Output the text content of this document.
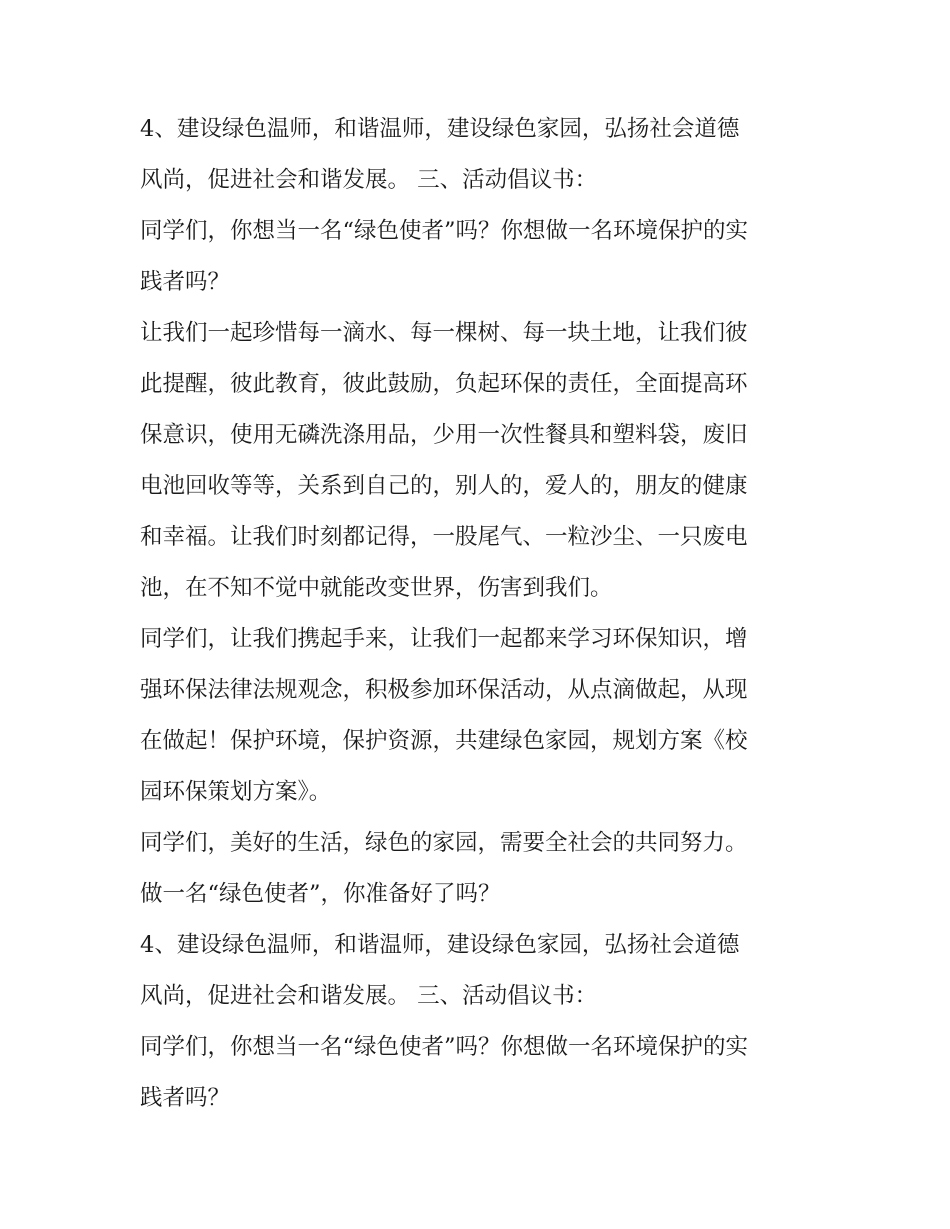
4、建设绿色温师，和谐温师，建设绿色家园，弘扬社会道德
风尚，促进社会和谐发展。 三、活动倡议书：

同学们，你想当一名“绿色使者”吗？你想做一名环境保护的实
践者吗？

让我们一起珍惜每一滴水、每一棵树、每一块土地，让我们彼
此提醒，彼此教育，彼此鼓励，负起环保的责任，全面提高环
保意识，使用无磷洗涤用品，少用一次性餐具和塑料袋，废旧
电池回收等等，关系到自己的，别人的，爱人的，朋友的健康
和幸福。让我们时刻都记得，一股尾气、一粒沙尘、一只废电
池，在不知不觉中就能改变世界，伤害到我们。

同学们，让我们携起手来，让我们一起都来学习环保知识，增
强环保法律法规观念，积极参加环保活动，从点滴做起，从现
在做起！保护环境，保护资源，共建绿色家园，规划方案《校
园环保策划方案》。

同学们，美好的生活，绿色的家园，需要全社会的共同努力。
做一名“绿色使者”，你准备好了吗？

4、建设绿色温师，和谐温师，建设绿色家园，弘扬社会道德
风尚，促进社会和谐发展。 三、活动倡议书：

同学们，你想当一名“绿色使者”吗？你想做一名环境保护的实
践者吗？
